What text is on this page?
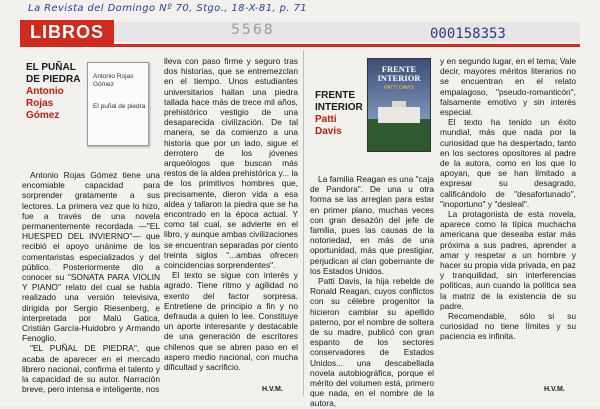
La Revista del Domingo Nº 70, Stgo., 18-X-81, p. 71
LIBROS	5568	000158353
EL PUÑAL DE PIEDRA
Antonio Rojas Gómez
Antonio Rojas Gómez
El puñal de piedra

Antonio Rojas Gómez tiene una encomiable capacidad para sorprender gratamente a sus lectores. La primera vez que lo hizo, fue a través de una novela permanentemente recordada —"EL HUESPED DEL INVIERNO"— que recibió el apoyo unánime de los comentaristas especializados y del público. Posteriormente dio a conocer su "SONATA PARA VIOLIN Y PIANO" relato del cual se habla realizado una versión televisiva, dirigida por Sergio Riesenberg, e interpretada por Malú Gatica, Cristián García-Huidobro y Armando Fenoglio.

"EL PUÑAL DE PIEDRA", que acaba de aparecer en el mercado librero nacional, confirma el talento y la capacidad de su autor. Narración breve, pero intensa e inteligente, nos

lleva con paso firme y seguro tras dos historias, que se entremezclan en el tiempo. Unos estudiantes universitarios hallan una piedra tallada hace más de trece mil años, prehistórico vestigio de una desaparecida civilización. De tal manera, se da comienzo a una historia que por un lado, sigue el derrotero de los jóvenes arqueólogos que buscan más restos de la aldea prehistórica y... la de los primitivos hombres que, precisamente, dieron vida a esa aldea y tallaron la piedra que se ha encontrado en la época actual. Y como tal cual, se advierte en el libro, y aunque ambas civilizaciones se encuentran separadas por ciento treinta siglos "...ambas ofrecen coincidencias sorprendentes".

El texto se sigue con interés y agrado. Tiene ritmo y agilidad no exento del factor sorpresa. Entretiene de principio a fin y no defrauda a quien lo lee. Constituye un aporte interesante y destacable de una generación de escritores chilenos que se abren paso en el aspero medio nacional, con mucha dificultad y sacrificio.

H.V.M.
FRENTE INTERIOR
Patti Davis
FRENTE INTERIOR
PATTI DAVIS

La familia Reagan es una "caja de Pandora". De una u otra forma se las arreglan para estar en primer plano, muchas veces con gran desazón del jefe de familia, pues las causas de la notoriedad, en más de una oportunidad, más que prestigiar, perjudican al clan gobernante de los Estados Unidos.

Patti Davis, la hija rebelde de Ronald Reagan, cuyos conflictos con su célebre progenitor la hicieron cambiar su apellido paterno, por el nombre de soltera de su madre, publicó con gran espanto de los sectores conservadores de Estados Unidos... una descabellada novela autobiográfica, porque el mérito del volumen está, primero que nada, en el nombre de la autora,

y en segundo lugar, en el tema; Vale decir, mayores méritos literarios no se encuentran en el relato empalagoso, "pseudo-romanticón", falsamente emotivo y sin interés especial.

El texto ha tenido un éxito mundial, más que nada por la curiosidad que ha despertado, tanto en los sectores opositores al padre de la autora, como en los que lo apoyan, que se han limitado a expresar su desagrado, calificándolo de "desafortunado", "inoportuno" y "desleal".

La protagonista de esta novela, aparece como la típica muchacha americana que deseaba estar más próxima a sus padres, aprender a amar y respetar a un hombre y hacer su propia vida privada, en paz y tranquilidad, sin interferencias políticas, aun cuando la política sea la matriz de la existencia de su padre.

Recomendable, sólo si su curiosidad no tiene límites y su paciencia es infinita.

H.V.M.
